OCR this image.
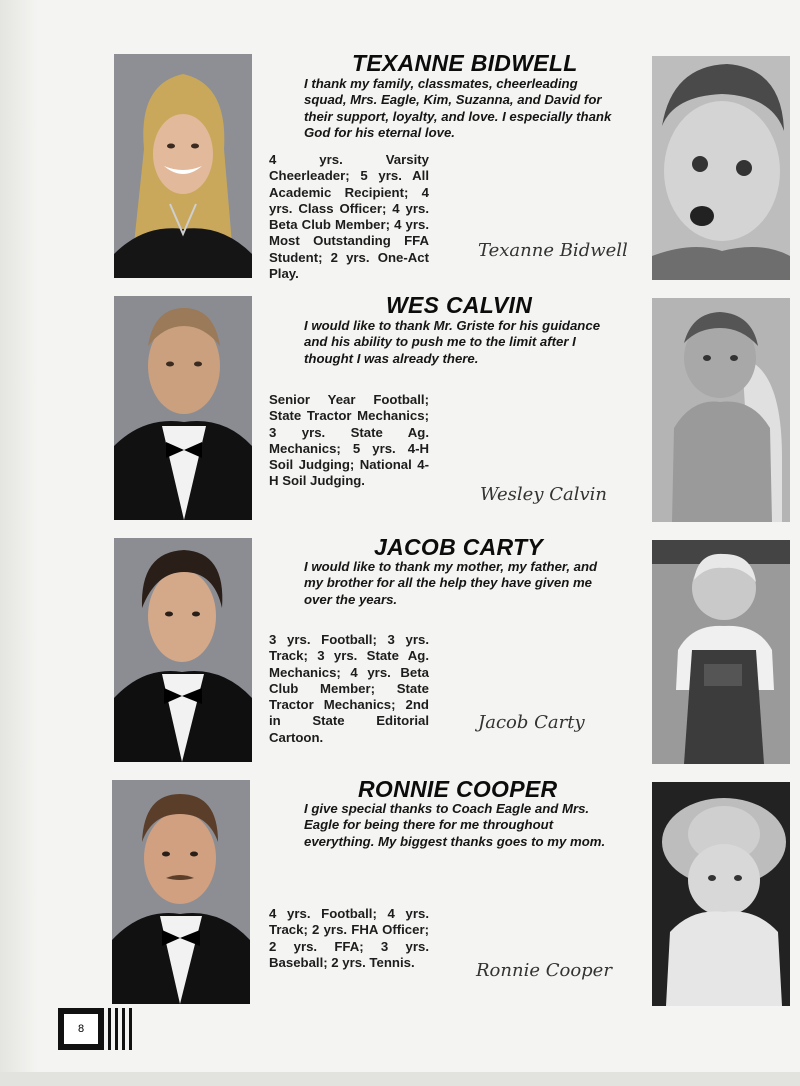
TEXANNE BIDWELL
I thank my family, classmates, cheerleading squad, Mrs. Eagle, Kim, Suzanna, and David for their support, loyalty, and love. I especially thank God for his eternal love.
4 yrs. Varsity Cheerleader; 5 yrs. All Academic Recipient; 4 yrs. Class Officer; 4 yrs. Beta Club Member; 4 yrs. Most Outstanding FFA Student; 2 yrs. One-Act Play.
Texanne Bidwell
WES CALVIN
I would like to thank Mr. Griste for his guidance and his ability to push me to the limit after I thought I was already there.
Senior Year Football; State Tractor Mechanics; 3 yrs. State Ag. Mechanics; 5 yrs. 4-H Soil Judging; National 4-H Soil Judging.
Wesley Calvin
JACOB CARTY
I would like to thank my mother, my father, and my brother for all the help they have given me over the years.
3 yrs. Football; 3 yrs. Track; 3 yrs. State Ag. Mechanics; 4 yrs. Beta Club Member; State Tractor Mechanics; 2nd in State Editorial Cartoon.
Jacob Carty
RONNIE COOPER
I give special thanks to Coach Eagle and Mrs. Eagle for being there for me throughout everything. My biggest thanks goes to my mom.
4 yrs. Football; 4 yrs. Track; 2 yrs. FHA Officer; 2 yrs. FFA; 3 yrs. Baseball; 2 yrs. Tennis.	Ronnie Cooper
8
